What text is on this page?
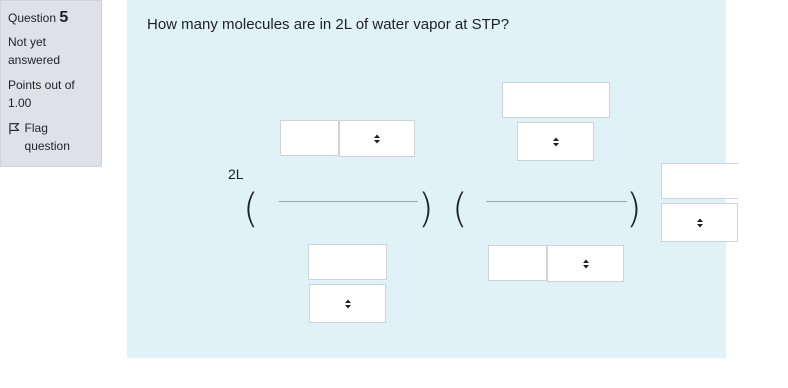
Question 5
Not yet answered
Points out of 1.00
Flag question
How many molecules are in 2L of water vapor at STP?
2L
(	) (	)
